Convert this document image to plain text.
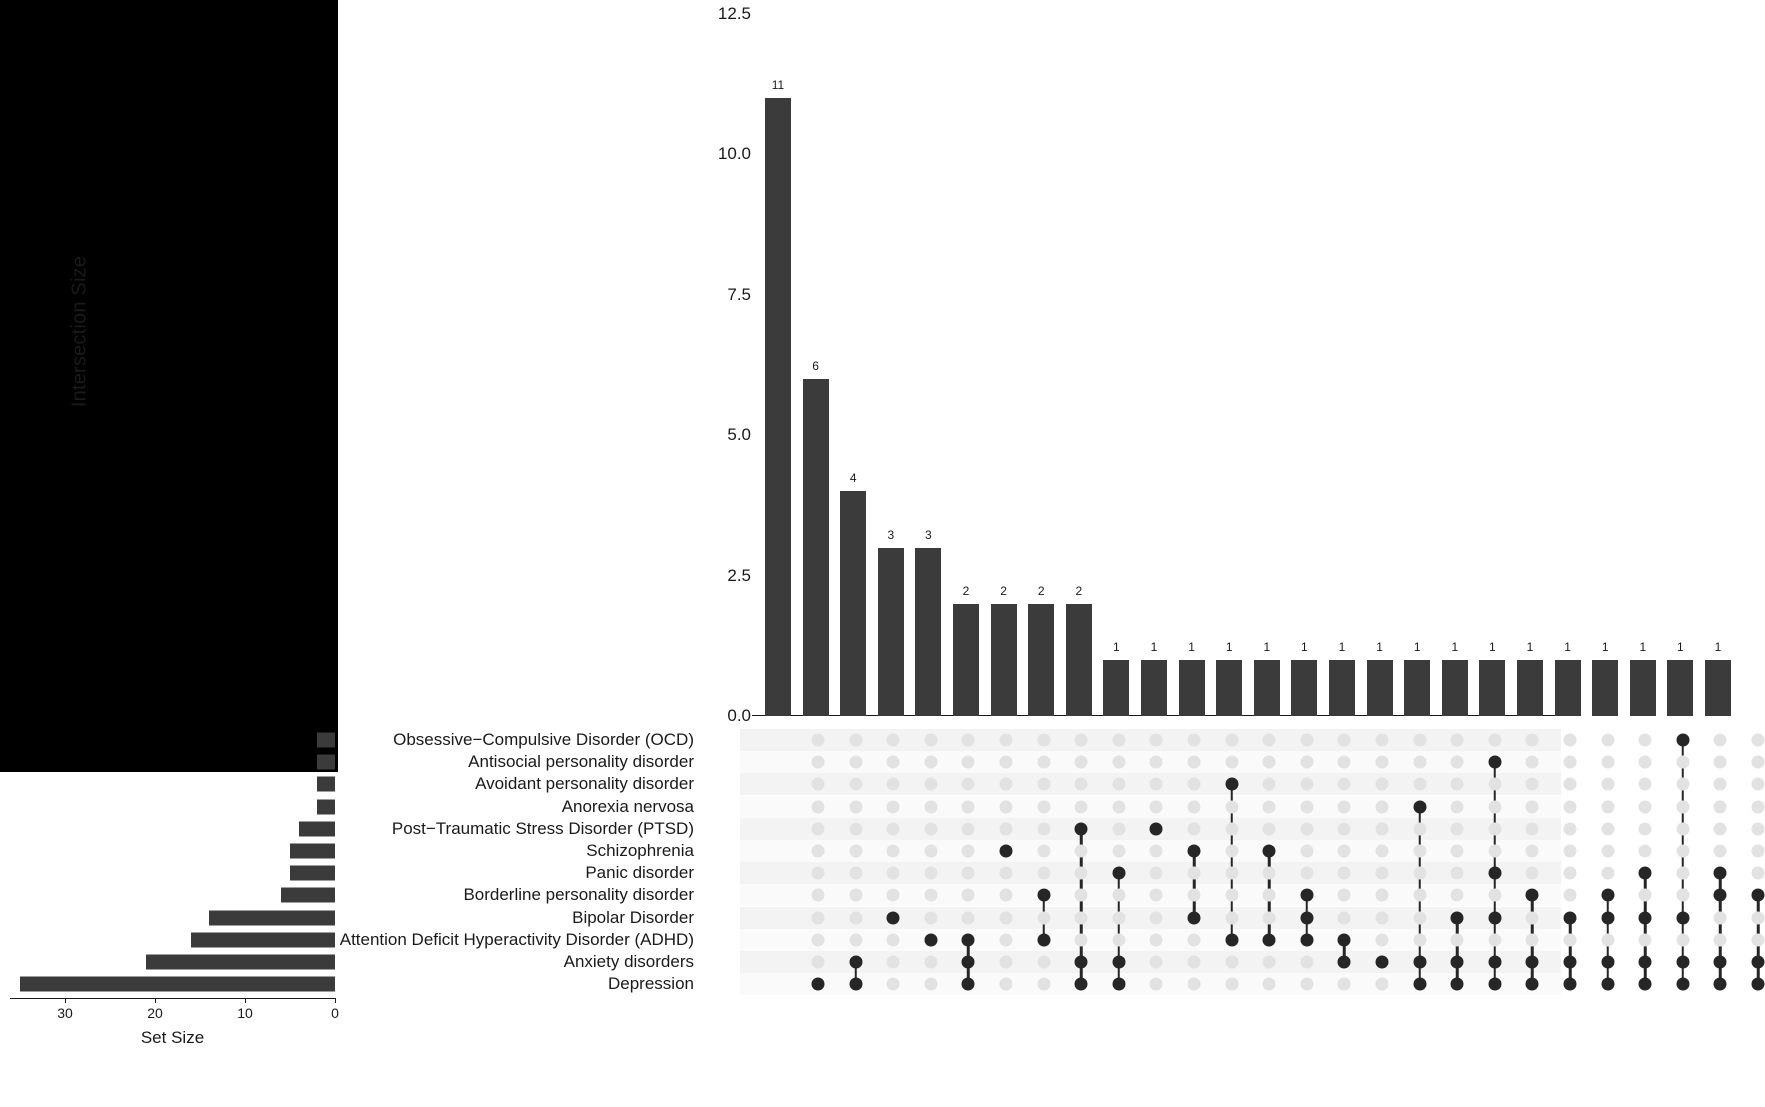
Intersection Size
0.0
2.5
5.0
7.5
10.0
12.5
11
6
4
3	3
2	2	2	2
1	1	1	1	1	1	1	1	1	1	1	1	1	1	1	1	1
Obsessive−Compulsive Disorder (OCD)
Antisocial personality disorder
Avoidant personality disorder
Anorexia nervosa
Post−Traumatic Stress Disorder (PTSD)
Schizophrenia
Panic disorder
Borderline personality disorder
Bipolar Disorder
Attention Deficit Hyperactivity Disorder (ADHD)
Anxiety disorders
Depression
Set Size
30	20	10	0
